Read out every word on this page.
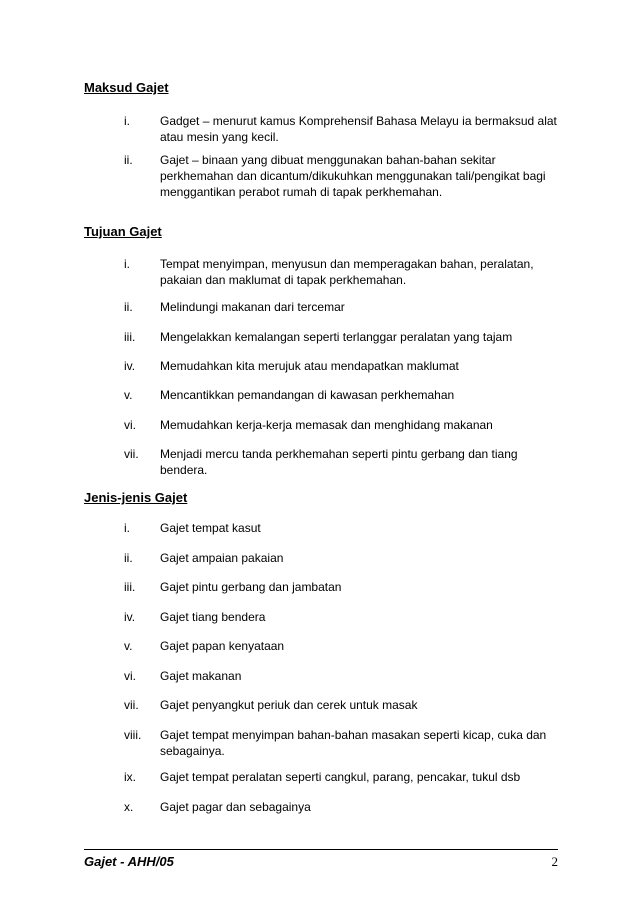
Maksud Gajet
i.	Gadget – menurut kamus Komprehensif Bahasa Melayu ia bermaksud alat atau mesin yang kecil.
ii.	Gajet – binaan yang dibuat menggunakan bahan-bahan sekitar perkhemahan dan dicantum/dikukuhkan menggunakan tali/pengikat bagi menggantikan perabot rumah di tapak perkhemahan.
Tujuan Gajet
i.	Tempat menyimpan, menyusun dan memperagakan bahan, peralatan, pakaian dan maklumat di tapak perkhemahan.
ii.	Melindungi makanan dari tercemar
iii.	Mengelakkan kemalangan seperti terlanggar peralatan yang tajam
iv.	Memudahkan kita merujuk atau mendapatkan maklumat
v.	Mencantikkan pemandangan di kawasan perkhemahan
vi.	Memudahkan kerja-kerja memasak dan menghidang makanan
vii.	Menjadi mercu tanda perkhemahan seperti pintu gerbang dan tiang bendera.
Jenis-jenis Gajet
i.	Gajet tempat kasut
ii.	Gajet ampaian pakaian
iii.	Gajet pintu gerbang dan jambatan
iv.	Gajet tiang bendera
v.	Gajet papan kenyataan
vi.	Gajet makanan
vii.	Gajet penyangkut periuk dan cerek untuk masak
viii.	Gajet tempat menyimpan bahan-bahan masakan seperti kicap, cuka dan sebagainya.
ix.	Gajet tempat peralatan seperti cangkul, parang, pencakar, tukul dsb
x.	Gajet pagar dan sebagainya
Gajet - AHH/05	2
